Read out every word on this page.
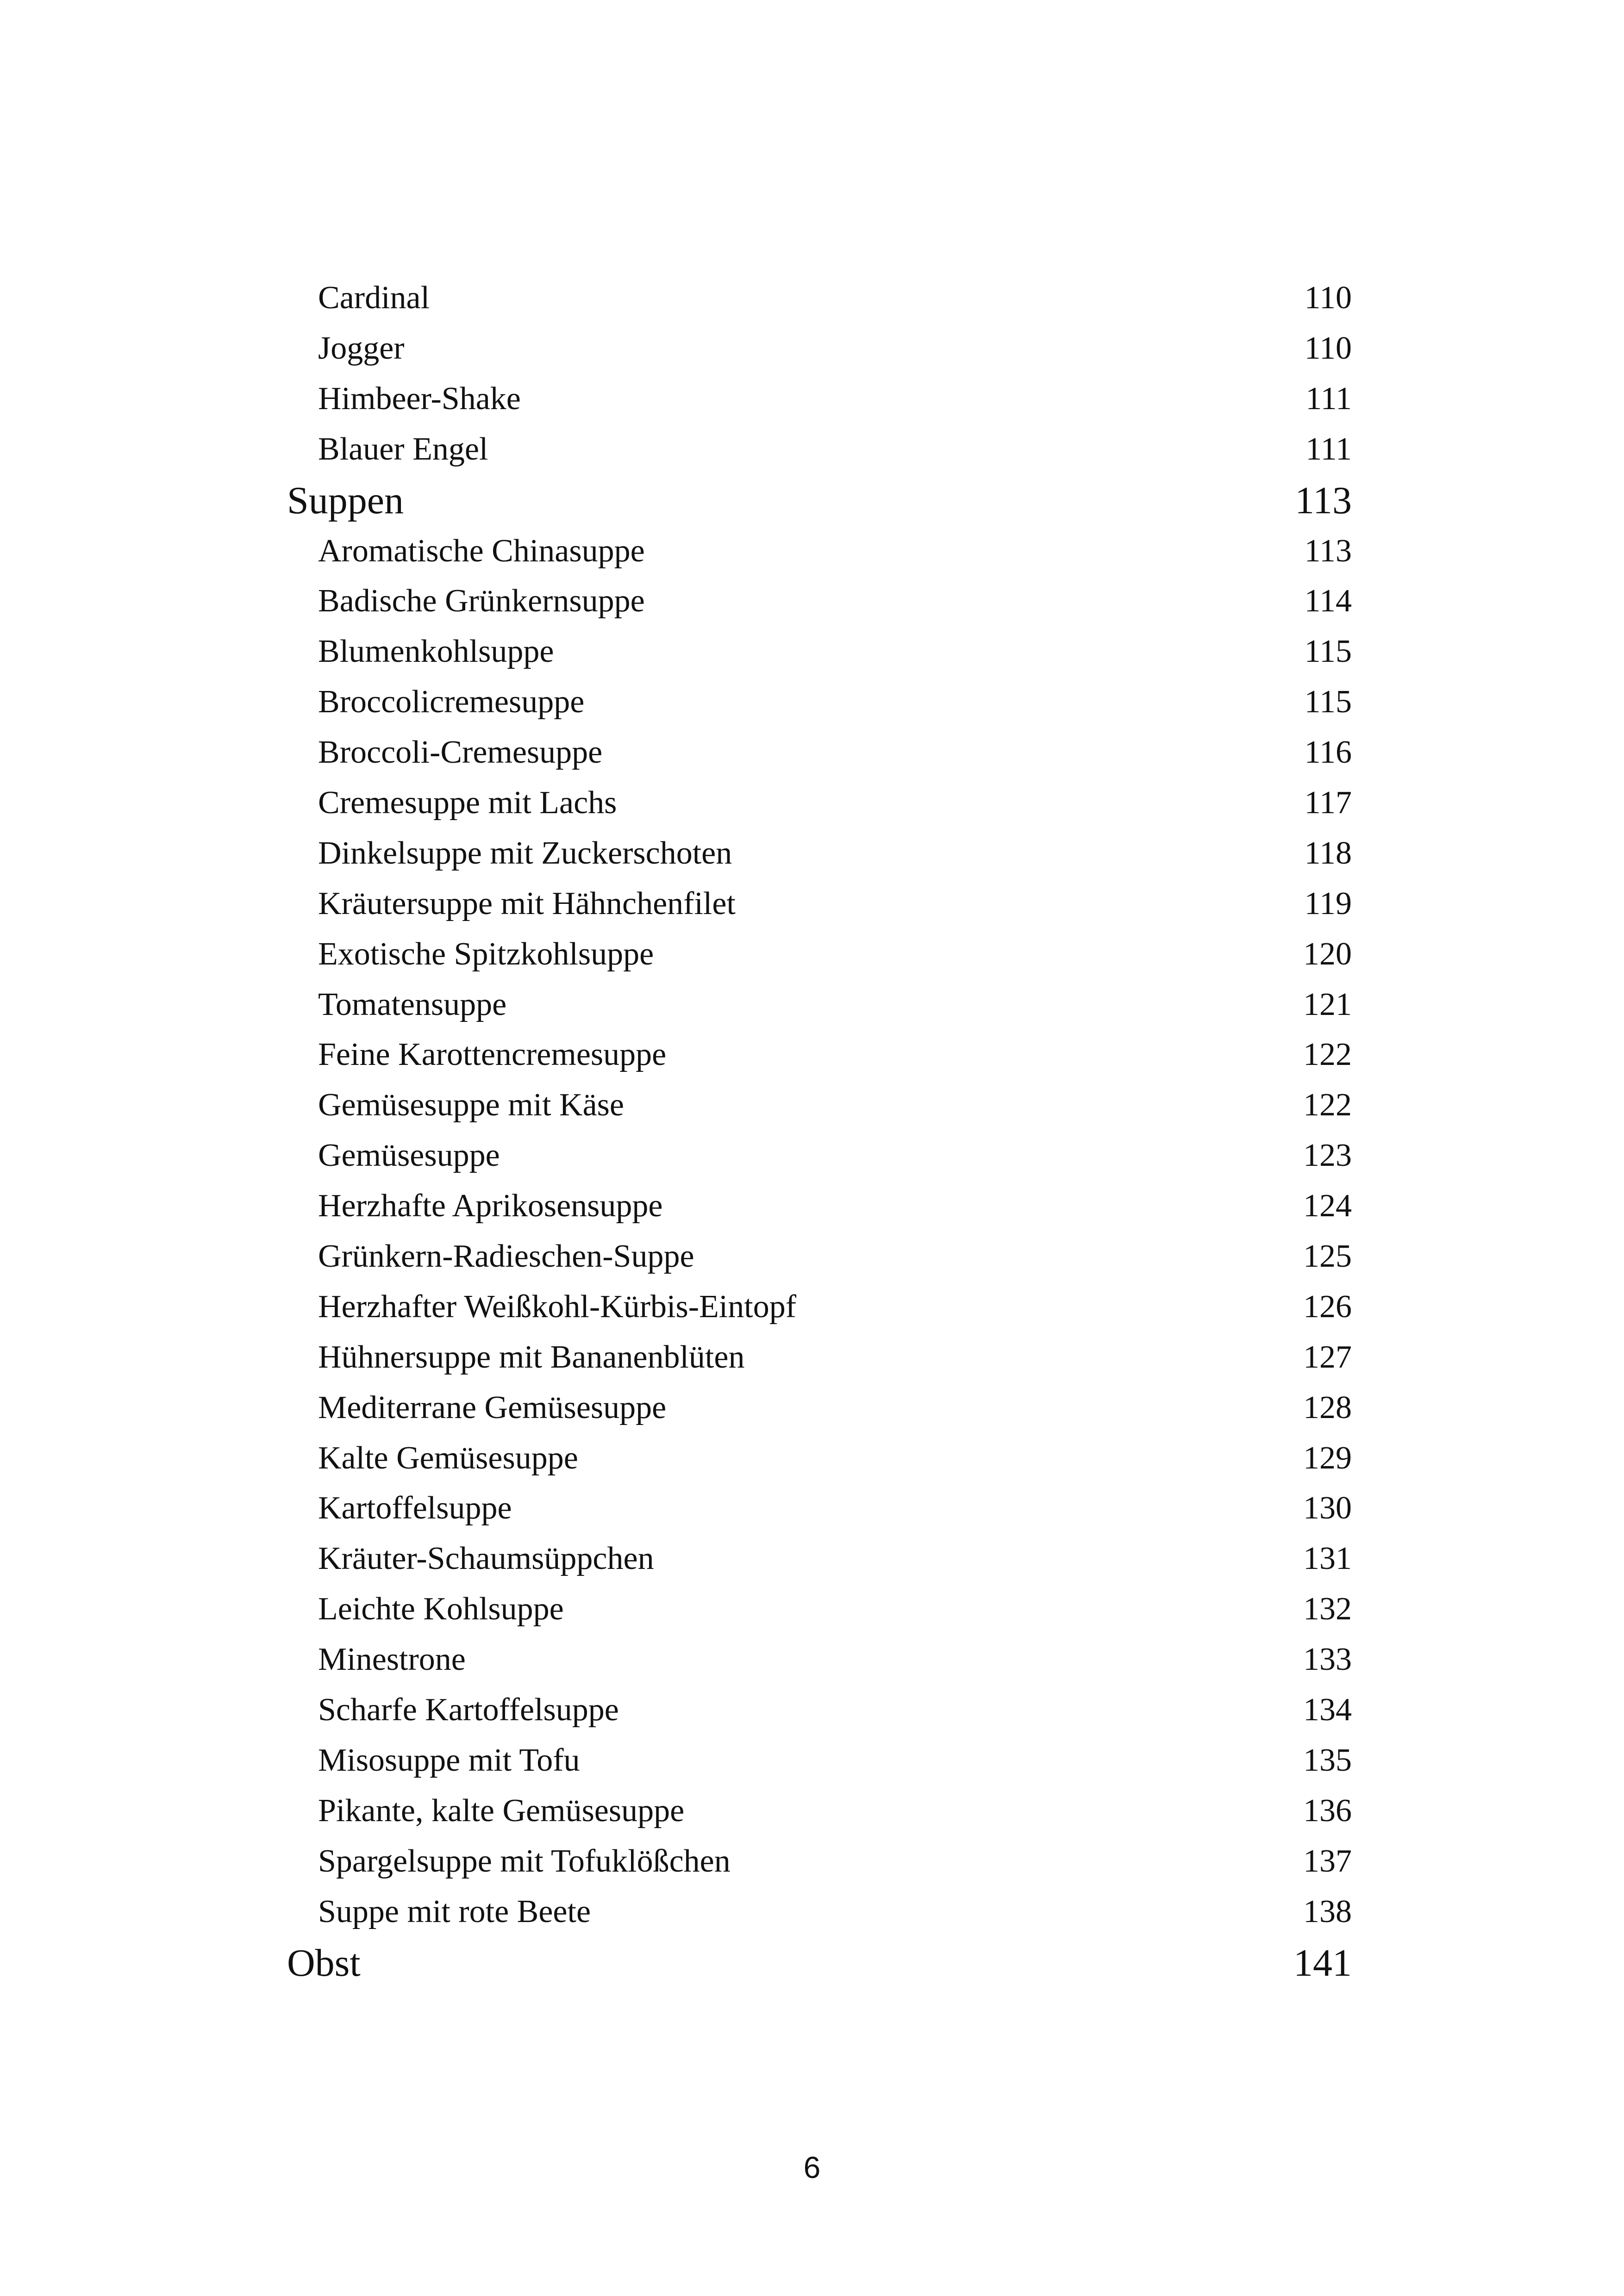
Cardinal	110
Jogger	110
Himbeer-Shake	111
Blauer Engel	111
Suppen	113
Aromatische Chinasuppe	113
Badische Grünkernsuppe	114
Blumenkohlsuppe	115
Broccolicremesuppe	115
Broccoli-Cremesuppe	116
Cremesuppe mit Lachs	117
Dinkelsuppe mit Zuckerschoten	118
Kräutersuppe mit Hähnchenfilet	119
Exotische Spitzkohlsuppe	120
Tomatensuppe	121
Feine Karottencremesuppe	122
Gemüsesuppe mit Käse	122
Gemüsesuppe	123
Herzhafte Aprikosensuppe	124
Grünkern-Radieschen-Suppe	125
Herzhafter Weißkohl-Kürbis-Eintopf	126
Hühnersuppe mit Bananenblüten	127
Mediterrane Gemüsesuppe	128
Kalte Gemüsesuppe	129
Kartoffelsuppe	130
Kräuter-Schaumsüppchen	131
Leichte Kohlsuppe	132
Minestrone	133
Scharfe Kartoffelsuppe	134
Misosuppe mit Tofu	135
Pikante, kalte Gemüsesuppe	136
Spargelsuppe mit Tofuklößchen	137
Suppe mit rote Beete	138
Obst	141
6
